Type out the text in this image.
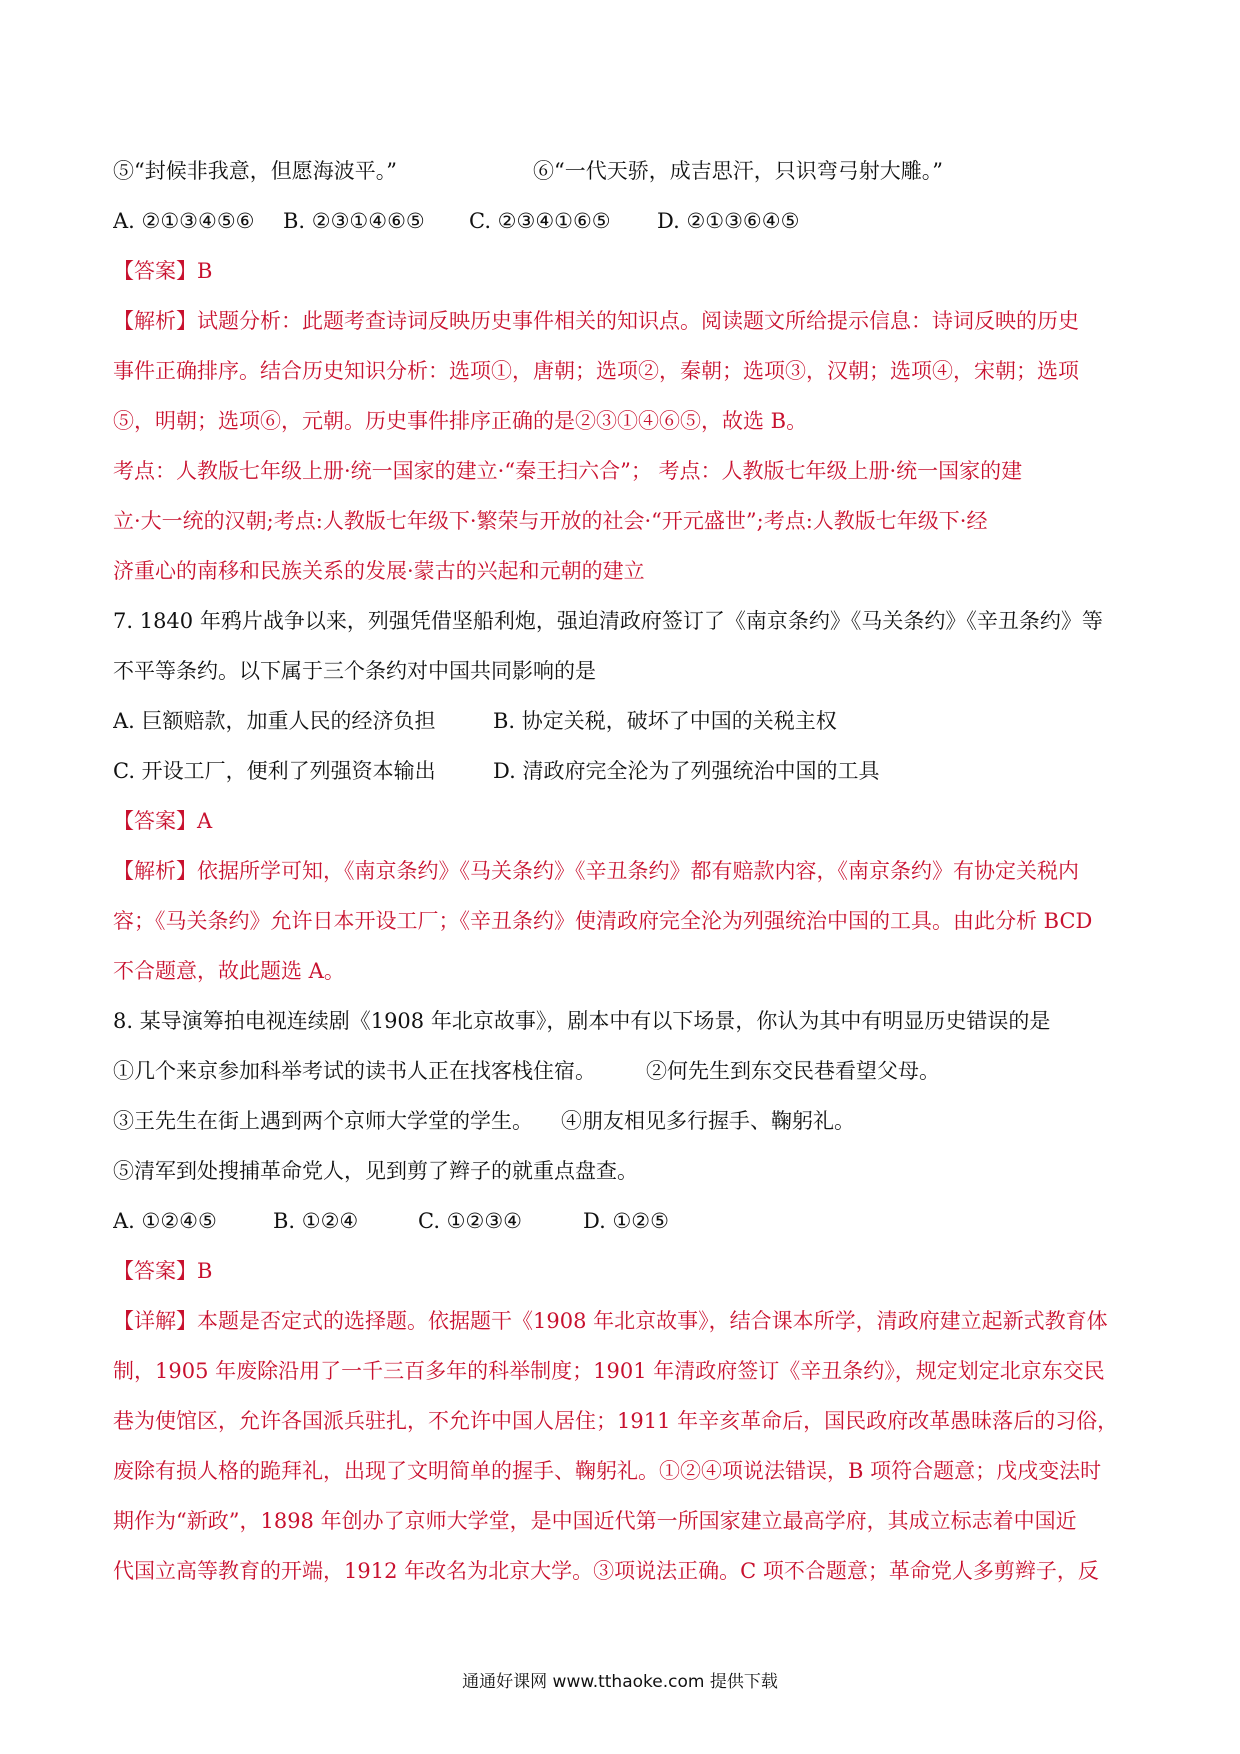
⑤“封候非我意，但愿海波平。”	⑥“一代天骄，成吉思汗，只识弯弓射大雕。”
A. ②①③④⑤⑥ B. ②③①④⑥⑤ C. ②③④①⑥⑤ D. ②①③⑥④⑤
【答案】B
【解析】试题分析：此题考查诗词反映历史事件相关的知识点。阅读题文所给提示信息：诗词反映的历史
事件正确排序。结合历史知识分析：选项①，唐朝；选项②，秦朝；选项③，汉朝；选项④，宋朝；选项
⑤，明朝；选项⑥，元朝。历史事件排序正确的是②③①④⑥⑤，故选 B。
考点：人教版七年级上册·统一国家的建立·“秦王扫六合”； 考点：人教版七年级上册·统一国家的建
立·大一统的汉朝;考点:人教版七年级下·繁荣与开放的社会·“开元盛世”;考点:人教版七年级下·经
济重心的南移和民族关系的发展·蒙古的兴起和元朝的建立
7. 1840 年鸦片战争以来，列强凭借坚船利炮，强迫清政府签订了《南京条约》《马关条约》《辛丑条约》等
不平等条约。以下属于三个条约对中国共同影响的是
A. 巨额赔款，加重人民的经济负担	B. 协定关税，破坏了中国的关税主权
C. 开设工厂，便利了列强资本输出	D. 清政府完全沦为了列强统治中国的工具
【答案】A
【解析】依据所学可知，《南京条约》《马关条约》《辛丑条约》都有赔款内容，《南京条约》有协定关税内
容；《马关条约》允许日本开设工厂；《辛丑条约》使清政府完全沦为列强统治中国的工具。由此分析 BCD
不合题意，故此题选 A。
8. 某导演筹拍电视连续剧《1908 年北京故事》，剧本中有以下场景，你认为其中有明显历史错误的是
①几个来京参加科举考试的读书人正在找客栈住宿。 ②何先生到东交民巷看望父母。
③王先生在街上遇到两个京师大学堂的学生。 ④朋友相见多行握手、鞠躬礼。
⑤清军到处搜捕革命党人，见到剪了辫子的就重点盘查。
A. ①②④⑤	B. ①②④	C. ①②③④	D. ①②⑤
【答案】B
【详解】本题是否定式的选择题。依据题干《1908 年北京故事》，结合课本所学，清政府建立起新式教育体
制，1905 年废除沿用了一千三百多年的科举制度；1901 年清政府签订《辛丑条约》，规定划定北京东交民
巷为使馆区，允许各国派兵驻扎，不允许中国人居住；1911 年辛亥革命后，国民政府改革愚昧落后的习俗，
废除有损人格的跪拜礼，出现了文明简单的握手、鞠躬礼。①②④项说法错误，B 项符合题意；戊戌变法时
期作为“新政”，1898 年创办了京师大学堂，是中国近代第一所国家建立最高学府，其成立标志着中国近
代国立高等教育的开端，1912 年改名为北京大学。③项说法正确。C 项不合题意；革命党人多剪辫子，反
通通好课网 www.tthaoke.com 提供下载
